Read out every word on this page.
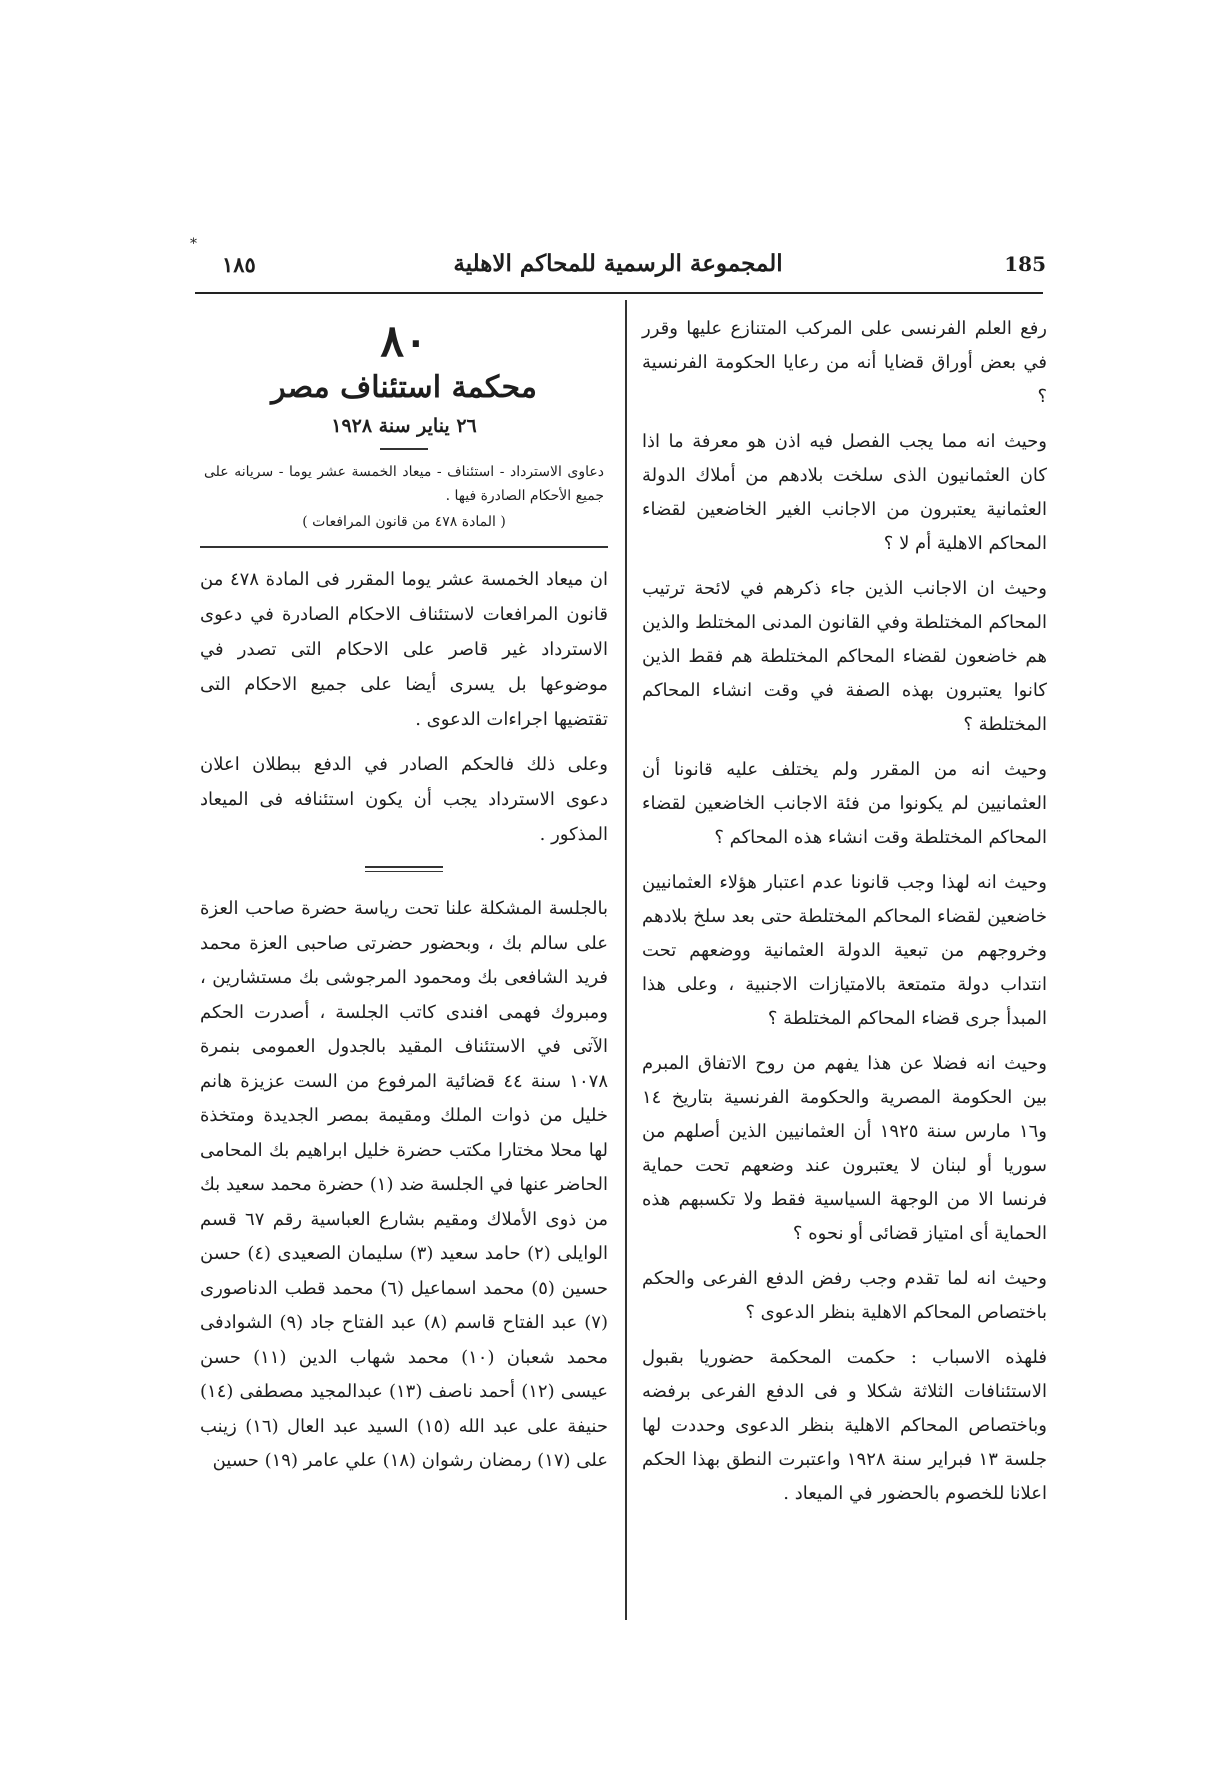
*
١٨٥	المجموعة الرسمية للمحاكم الاهلية	185

رفع العلم الفرنسى على المركب المتنازع عليها وقرر في بعض أوراق قضايا أنه من رعايا الحكومة الفرنسية ؟

وحيث انه مما يجب الفصل فيه اذن هو معرفة ما اذا كان العثمانيون الذى سلخت بلادهم من أملاك الدولة العثمانية يعتبرون من الاجانب الغير الخاضعين لقضاء المحاكم الاهلية أم لا ؟

وحيث ان الاجانب الذين جاء ذكرهم في لائحة ترتيب المحاكم المختلطة وفي القانون المدنى المختلط والذين هم خاضعون لقضاء المحاكم المختلطة هم فقط الذين كانوا يعتبرون بهذه الصفة في وقت انشاء المحاكم المختلطة ؟

وحيث انه من المقرر ولم يختلف عليه قانونا أن العثمانيين لم يكونوا من فئة الاجانب الخاضعين لقضاء المحاكم المختلطة وقت انشاء هذه المحاكم ؟

وحيث انه لهذا وجب قانونا عدم اعتبار هؤلاء العثمانيين خاضعين لقضاء المحاكم المختلطة حتى بعد سلخ بلادهم وخروجهم من تبعية الدولة العثمانية ووضعهم تحت انتداب دولة متمتعة بالامتيازات الاجنبية ، وعلى هذا المبدأ جرى قضاء المحاكم المختلطة ؟

وحيث انه فضلا عن هذا يفهم من روح الاتفاق المبرم بين الحكومة المصرية والحكومة الفرنسية بتاريخ ١٤ و١٦ مارس سنة ١٩٢٥ أن العثمانيين الذين أصلهم من سوريا أو لبنان لا يعتبرون عند وضعهم تحت حماية فرنسا الا من الوجهة السياسية فقط ولا تكسبهم هذه الحماية أى امتياز قضائى أو نحوه ؟

وحيث انه لما تقدم وجب رفض الدفع الفرعى والحكم باختصاص المحاكم الاهلية بنظر الدعوى ؟

فلهذه الاسباب : حكمت المحكمة حضوريا بقبول الاستئنافات الثلاثة شكلا و فى الدفع الفرعى برفضه وباختصاص المحاكم الاهلية بنظر الدعوى وحددت لها جلسة ١٣ فبراير سنة ١٩٢٨ واعتبرت النطق بهذا الحكم اعلانا للخصوم بالحضور في الميعاد .

٨٠

محكمة استئناف مصر

٢٦ يناير سنة ١٩٢٨

دعاوى الاسترداد - استئناف - ميعاد الخمسة عشر يوما - سريانه على جميع الأحكام الصادرة فيها .

( المادة ٤٧٨ من قانون المرافعات )

ان ميعاد الخمسة عشر يوما المقرر فى المادة ٤٧٨ من قانون المرافعات لاستئناف الاحكام الصادرة في دعوى الاسترداد غير قاصر على الاحكام التى تصدر في موضوعها بل يسرى أيضا على جميع الاحكام التى تقتضيها اجراءات الدعوى .

وعلى ذلك فالحكم الصادر في الدفع ببطلان اعلان دعوى الاسترداد يجب أن يكون استئنافه فى الميعاد المذكور .

بالجلسة المشكلة علنا تحت رياسة حضرة صاحب العزة على سالم بك ، وبحضور حضرتى صاحبى العزة محمد فريد الشافعى بك ومحمود المرجوشى بك مستشارين ، ومبروك فهمى افندى كاتب الجلسة ، أصدرت الحكم الآتى في الاستئناف المقيد بالجدول العمومى بنمرة ١٠٧٨ سنة ٤٤ قضائية المرفوع من الست عزيزة هانم خليل من ذوات الملك ومقيمة بمصر الجديدة ومتخذة لها محلا مختارا مكتب حضرة خليل ابراهيم بك المحامى الحاضر عنها في الجلسة ضد (١) حضرة محمد سعيد بك من ذوى الأملاك ومقيم بشارع العباسية رقم ٦٧ قسم الوايلى (٢) حامد سعيد (٣) سليمان الصعيدى (٤) حسن حسين (٥) محمد اسماعيل (٦) محمد قطب الدناصورى (٧) عبد الفتاح قاسم (٨) عبد الفتاح جاد (٩) الشوادفى محمد شعبان (١٠) محمد شهاب الدين (١١) حسن عيسى (١٢) أحمد ناصف (١٣) عبدالمجيد مصطفى (١٤) حنيفة على عبد الله (١٥) السيد عبد العال (١٦) زينب على (١٧) رمضان رشوان (١٨) علي عامر (١٩) حسين
